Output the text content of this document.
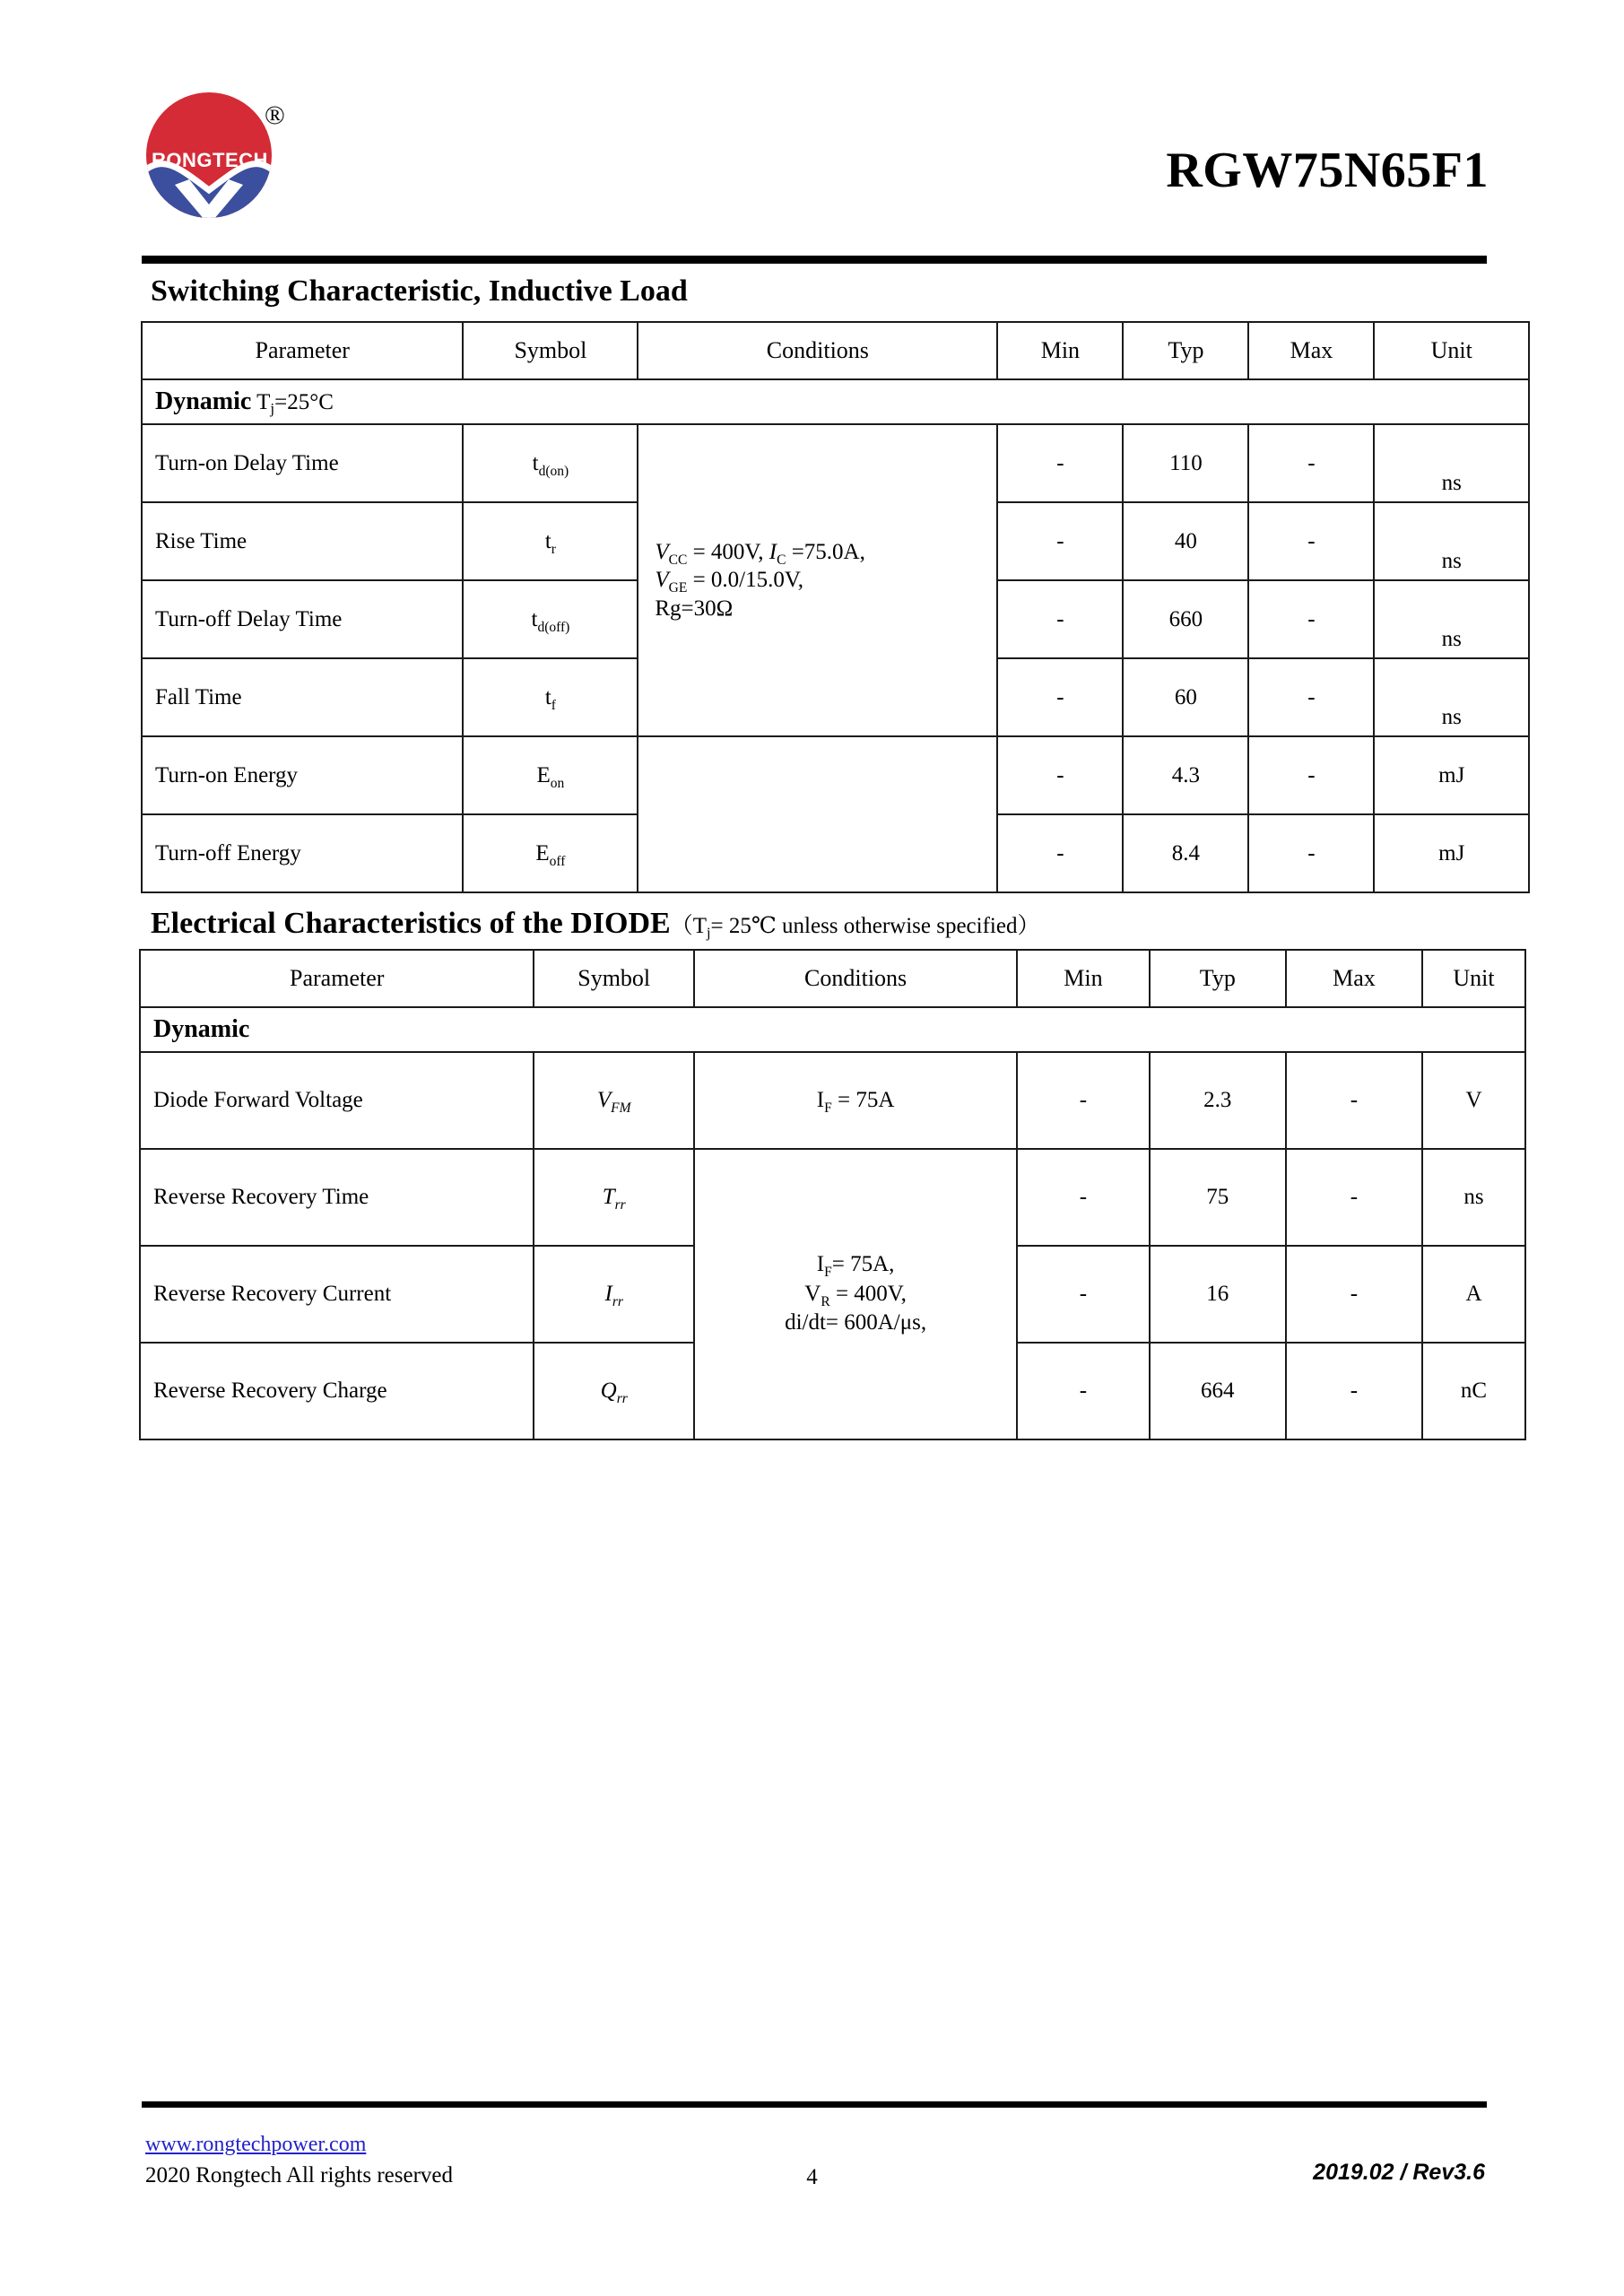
RONGTECH
®
RGW75N65F1
Switching Characteristic, Inductive Load
Parameter	Symbol	Conditions	Min	Typ	Max	Unit
Dynamic Tj=25°C						
Turn-on Delay Time	$t_{d(on)}$	$V_{CC} = 400V$, $I_C =75.0A$,
$V_{GE} = 0.0/15.0V$,
Rg=30Ω	-	110	-	ns
Rise Time	$t_r$		-	40	-	ns
Turn-off Delay Time	$t_{d(off)}$		-	660	-	ns
Fall Time	$t_f$		-	60	-	ns
Turn-on Energy	$E_{on}$		-	4.3	-	mJ
Turn-off Energy	$E_{off}$		-	8.4	-	mJ
Electrical Characteristics of the $DIODE(T_j=$ 25℃ unless otherwise specified）
Parameter	Symbol	Conditions	Min	Typ	Max	Unit
Dynamic						
Diode Forward Voltage	$V_{FM}$	$I_F = 75A$	-	2.3	-	V
Reverse Recovery Time	$T_{rr}$	$I_F= 75A$,
$V_R = 400V$,
di/dt= 600A/μs,	-	75	-	ns
Reverse Recovery Current	$I_{rr}$		-	16	-	A
Reverse Recovery Charge	$Q_{rr}$		-	664	-	nC
www.rongtechpower.com
2020 Rongtech All rights reserved	4	2019.02 / Rev3.6
